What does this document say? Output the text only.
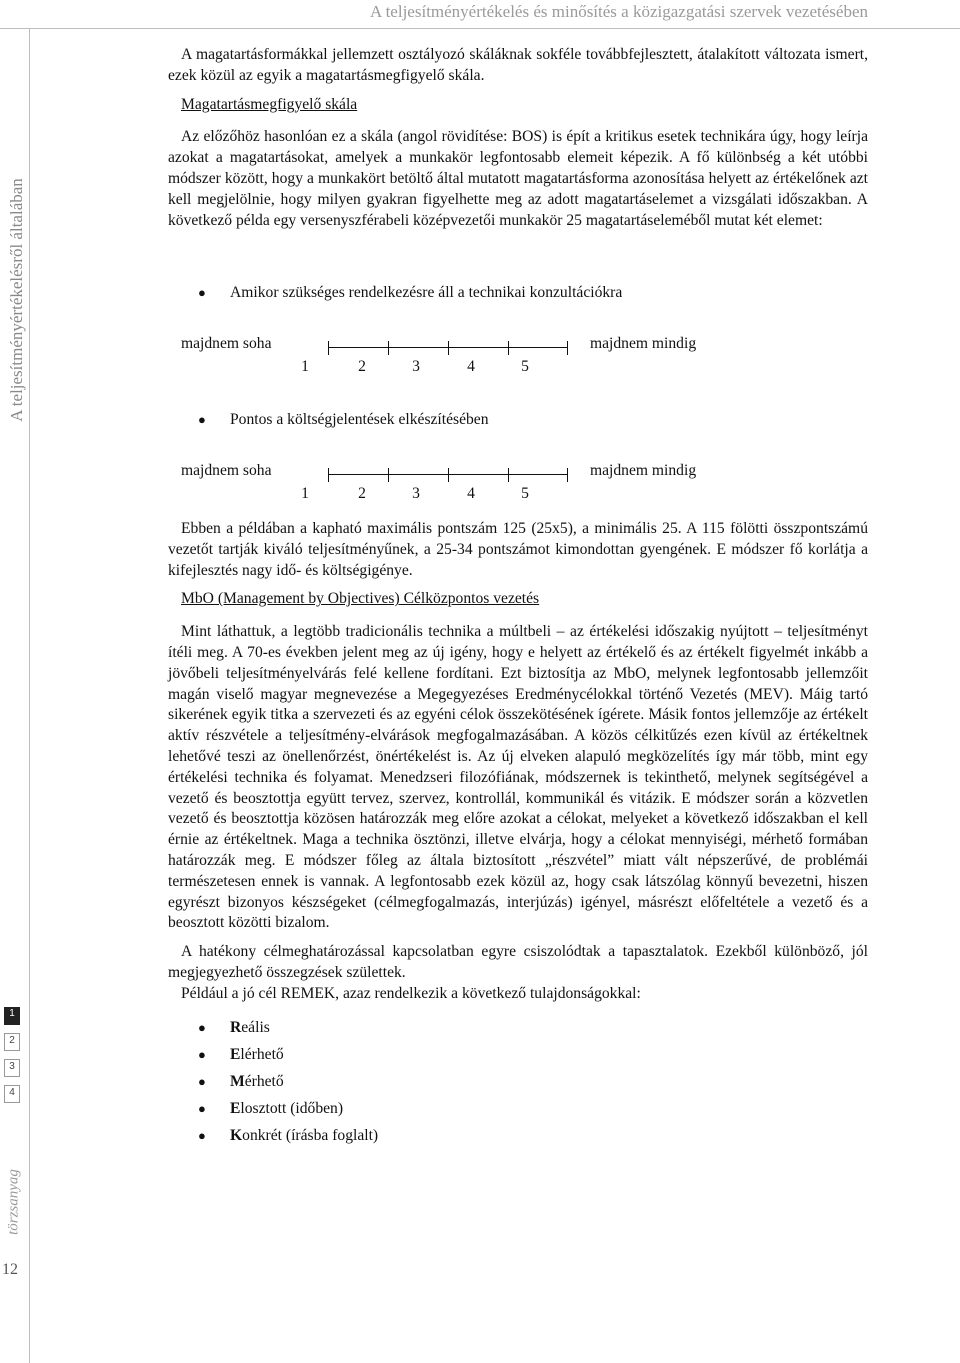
A teljesítményértékelés és minősítés a közigazgatási szervek vezetésében
A teljesítményértékelésről általában
1
2
3
4
törzsanyag
12

A magatartásformákkal jellemzett osztályozó skáláknak sokféle továbbfejlesztett, átalakított változata ismert, ezek közül az egyik a magatartásmegfigyelő skála.

Magatartásmegfigyelő skála

Az előzőhöz hasonlóan ez a skála (angol rövidítése: BOS) is épít a kritikus esetek technikára úgy, hogy leírja azokat a magatartásokat, amelyek a munkakör legfontosabb elemeit képezik. A fő különbség a két utóbbi módszer között, hogy a munkakört betöltő által mutatott magatartásforma azonosítása helyett az értékelőnek azt kell megjelölnie, hogy milyen gyakran figyelhette meg az adott magatartáselemet a vizsgálati időszakban. A következő példa egy versenyszférabeli középvezetői munkakör 25 magatartáseleméből mutat két elemet:

●	Amikor szükséges rendelkezésre áll a technikai konzultációkra
majdnem soha	majdnem mindig
1	2	3	4	5
●	Pontos a költségjelentések elkészítésében
majdnem soha	majdnem mindig
1	2	3	4	5

Ebben a példában a kapható maximális pontszám 125 (25x5), a minimális 25. A 115 fölötti összpontszámú vezetőt tartják kiváló teljesítményűnek, a 25-34 pontszámot kimondottan gyengének. E módszer fő korlátja a kifejlesztés nagy idő- és költségigénye.

MbO (Management by Objectives) Célközpontos vezetés

Mint láthattuk, a legtöbb tradicionális technika a múltbeli – az értékelési időszakig nyújtott – teljesítményt ítéli meg. A 70-es években jelent meg az új igény, hogy e helyett az értékelő és az értékelt figyelmét inkább a jövőbeli teljesítményelvárás felé kellene fordítani. Ezt biztosítja az MbO, melynek legfontosabb jellemzőit magán viselő magyar megnevezése a Megegyezéses Eredménycélokkal történő Vezetés (MEV). Máig tartó sikerének egyik titka a szervezeti és az egyéni célok összekötésének ígérete. Másik fontos jellemzője az értékelt aktív részvétele a teljesítmény-elvárások megfogalmazásában. A közös célkitűzés ezen kívül az értékeltnek lehetővé teszi az önellenőrzést, önértékelést is. Az új elveken alapuló megközelítés így már több, mint egy értékelési technika és folyamat. Menedzseri filozófiának, módszernek is tekinthető, melynek segítségével a vezető és beosztottja együtt tervez, szervez, kontrollál, kommunikál és vitázik. E módszer során a közvetlen vezető és beosztottja közösen határozzák meg előre azokat a célokat, melyeket a következő időszakban el kell érnie az értékeltnek. Maga a technika ösztönzi, illetve elvárja, hogy a célokat mennyiségi, mérhető formában határozzák meg. E módszer főleg az általa biztosított „részvétel” miatt vált népszerűvé, de problémái természetesen ennek is vannak. A legfontosabb ezek közül az, hogy csak látszólag könnyű bevezetni, hiszen egyrészt bizonyos készségeket (célmegfogalmazás, interjúzás) igényel, másrészt előfeltétele a vezető és a beosztott közötti bizalom.

A hatékony célmeghatározással kapcsolatban egyre csiszolódtak a tapasztalatok. Ezekből különböző, jól megjegyezhető összegzések születtek.

Például a jó cél REMEK, azaz rendelkezik a következő tulajdonságokkal:

●	R eális
●	E lérhető
●	M érhető
●	E losztott (időben)
●	K onkrét (írásba foglalt)
